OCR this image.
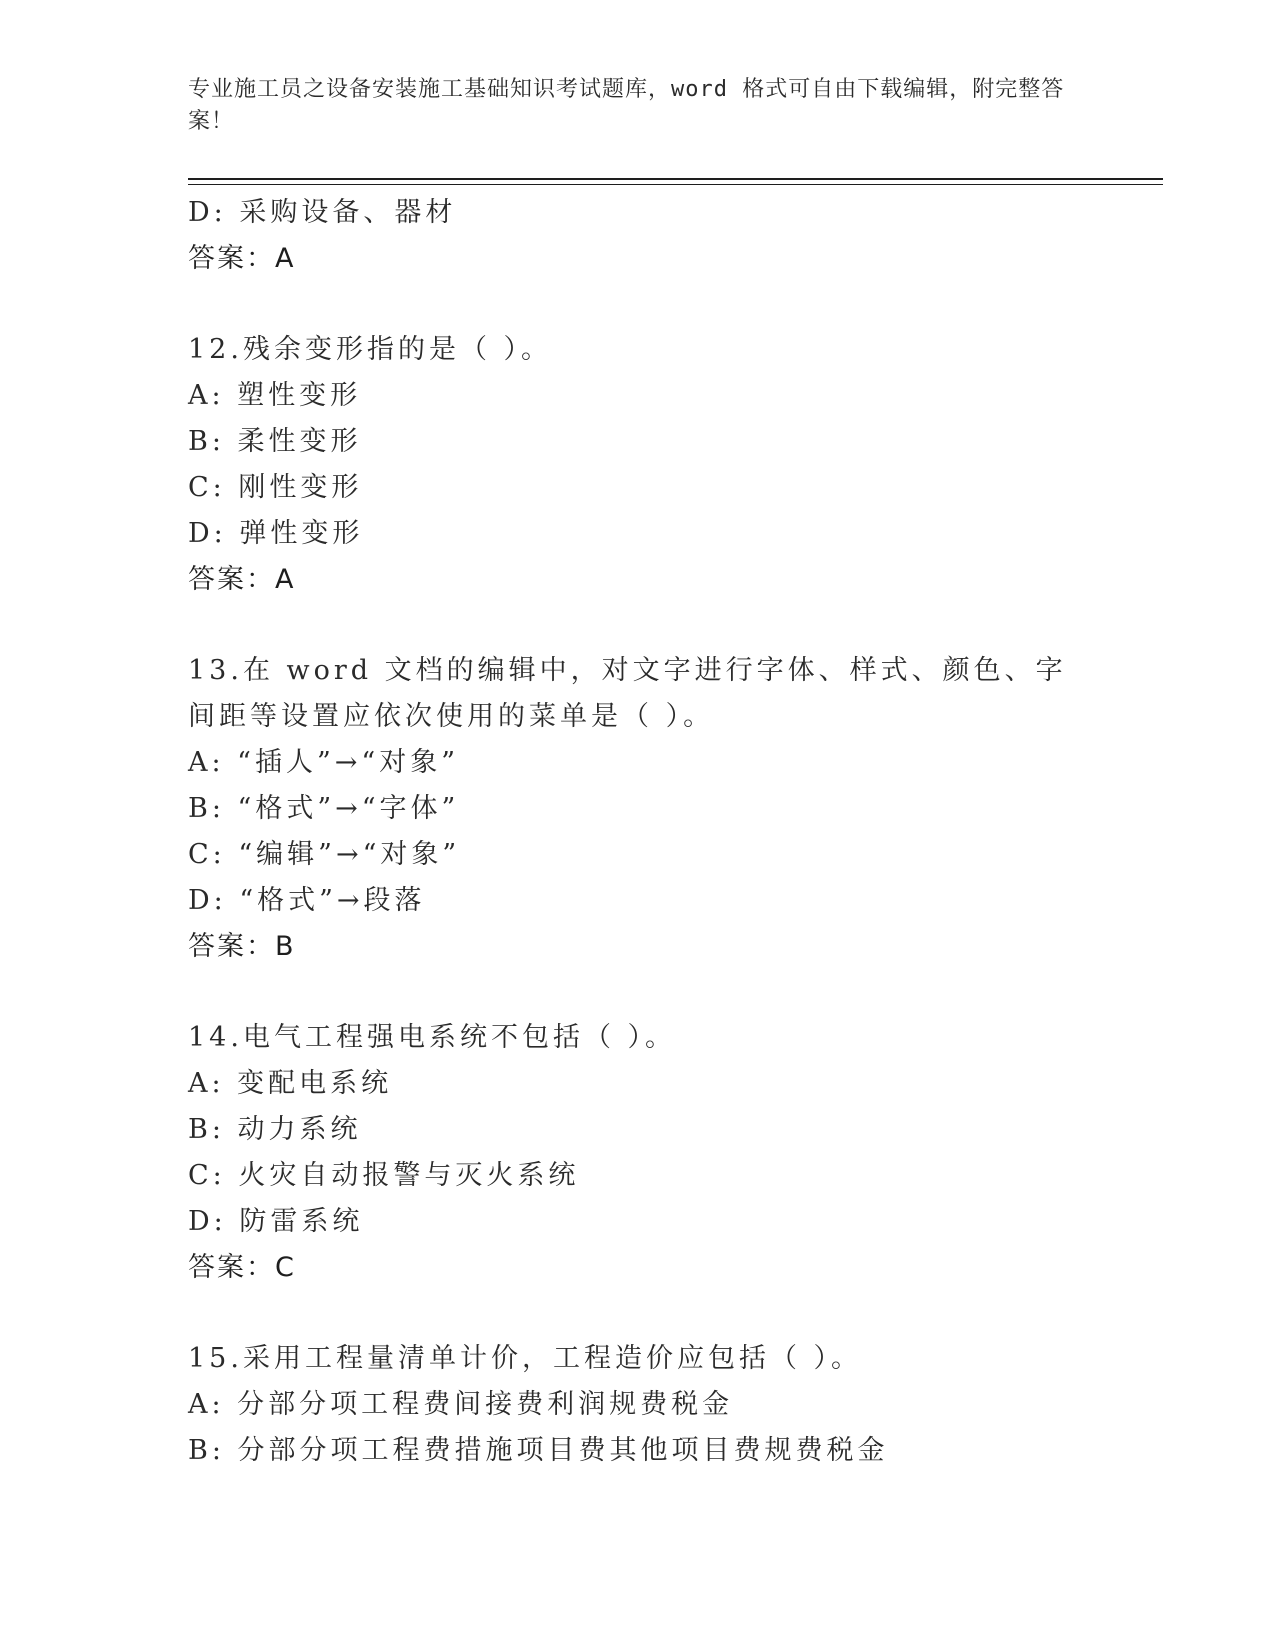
专业施工员之设备安装施工基础知识考试题库，word 格式可自由下载编辑，附完整答案！
D: 采购设备、器材
答案：A
12.残余变形指的是（ ）。
A: 塑性变形
B: 柔性变形
C: 刚性变形
D: 弹性变形
答案：A
13.在 word 文档的编辑中，对文字进行字体、样式、颜色、字间距等设置应依次使用的菜单是（ ）。
A: “插人”→“对象”
B: “格式”→“字体”
C: “编辑”→“对象”
D: “格式”→段落
答案：B
14.电气工程强电系统不包括（ ）。
A: 变配电系统
B: 动力系统
C: 火灾自动报警与灭火系统
D: 防雷系统
答案：C
15.采用工程量清单计价，工程造价应包括（ ）。
A: 分部分项工程费间接费利润规费税金
B: 分部分项工程费措施项目费其他项目费规费税金
